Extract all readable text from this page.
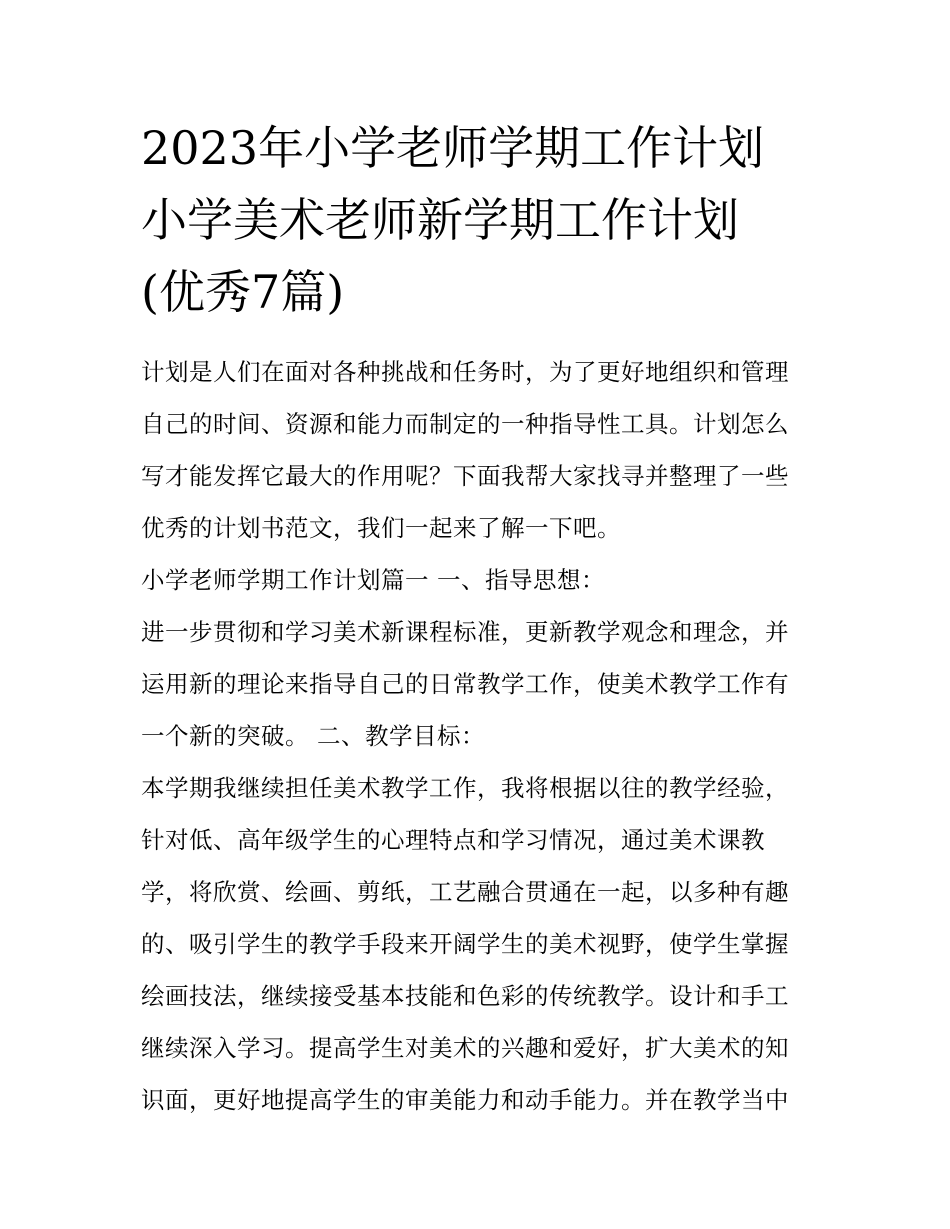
2023年小学老师学期工作计划
小学美术老师新学期工作计划
(优秀7篇)

计划是人们在面对各种挑战和任务时，为了更好地组织和管理
自己的时间、资源和能力而制定的一种指导性工具。计划怎么
写才能发挥它最大的作用呢？下面我帮大家找寻并整理了一些
优秀的计划书范文，我们一起来了解一下吧。

小学老师学期工作计划篇一 一、指导思想：

进一步贯彻和学习美术新课程标准，更新教学观念和理念，并
运用新的理论来指导自己的日常教学工作，使美术教学工作有
一个新的突破。 二、教学目标：

本学期我继续担任美术教学工作，我将根据以往的教学经验，
针对低、高年级学生的心理特点和学习情况，通过美术课教
学，将欣赏、绘画、剪纸，工艺融合贯通在一起，以多种有趣
的、吸引学生的教学手段来开阔学生的美术视野，使学生掌握
绘画技法，继续接受基本技能和色彩的传统教学。设计和手工
继续深入学习。提高学生对美术的兴趣和爱好，扩大美术的知
识面，更好地提高学生的审美能力和动手能力。并在教学当中
